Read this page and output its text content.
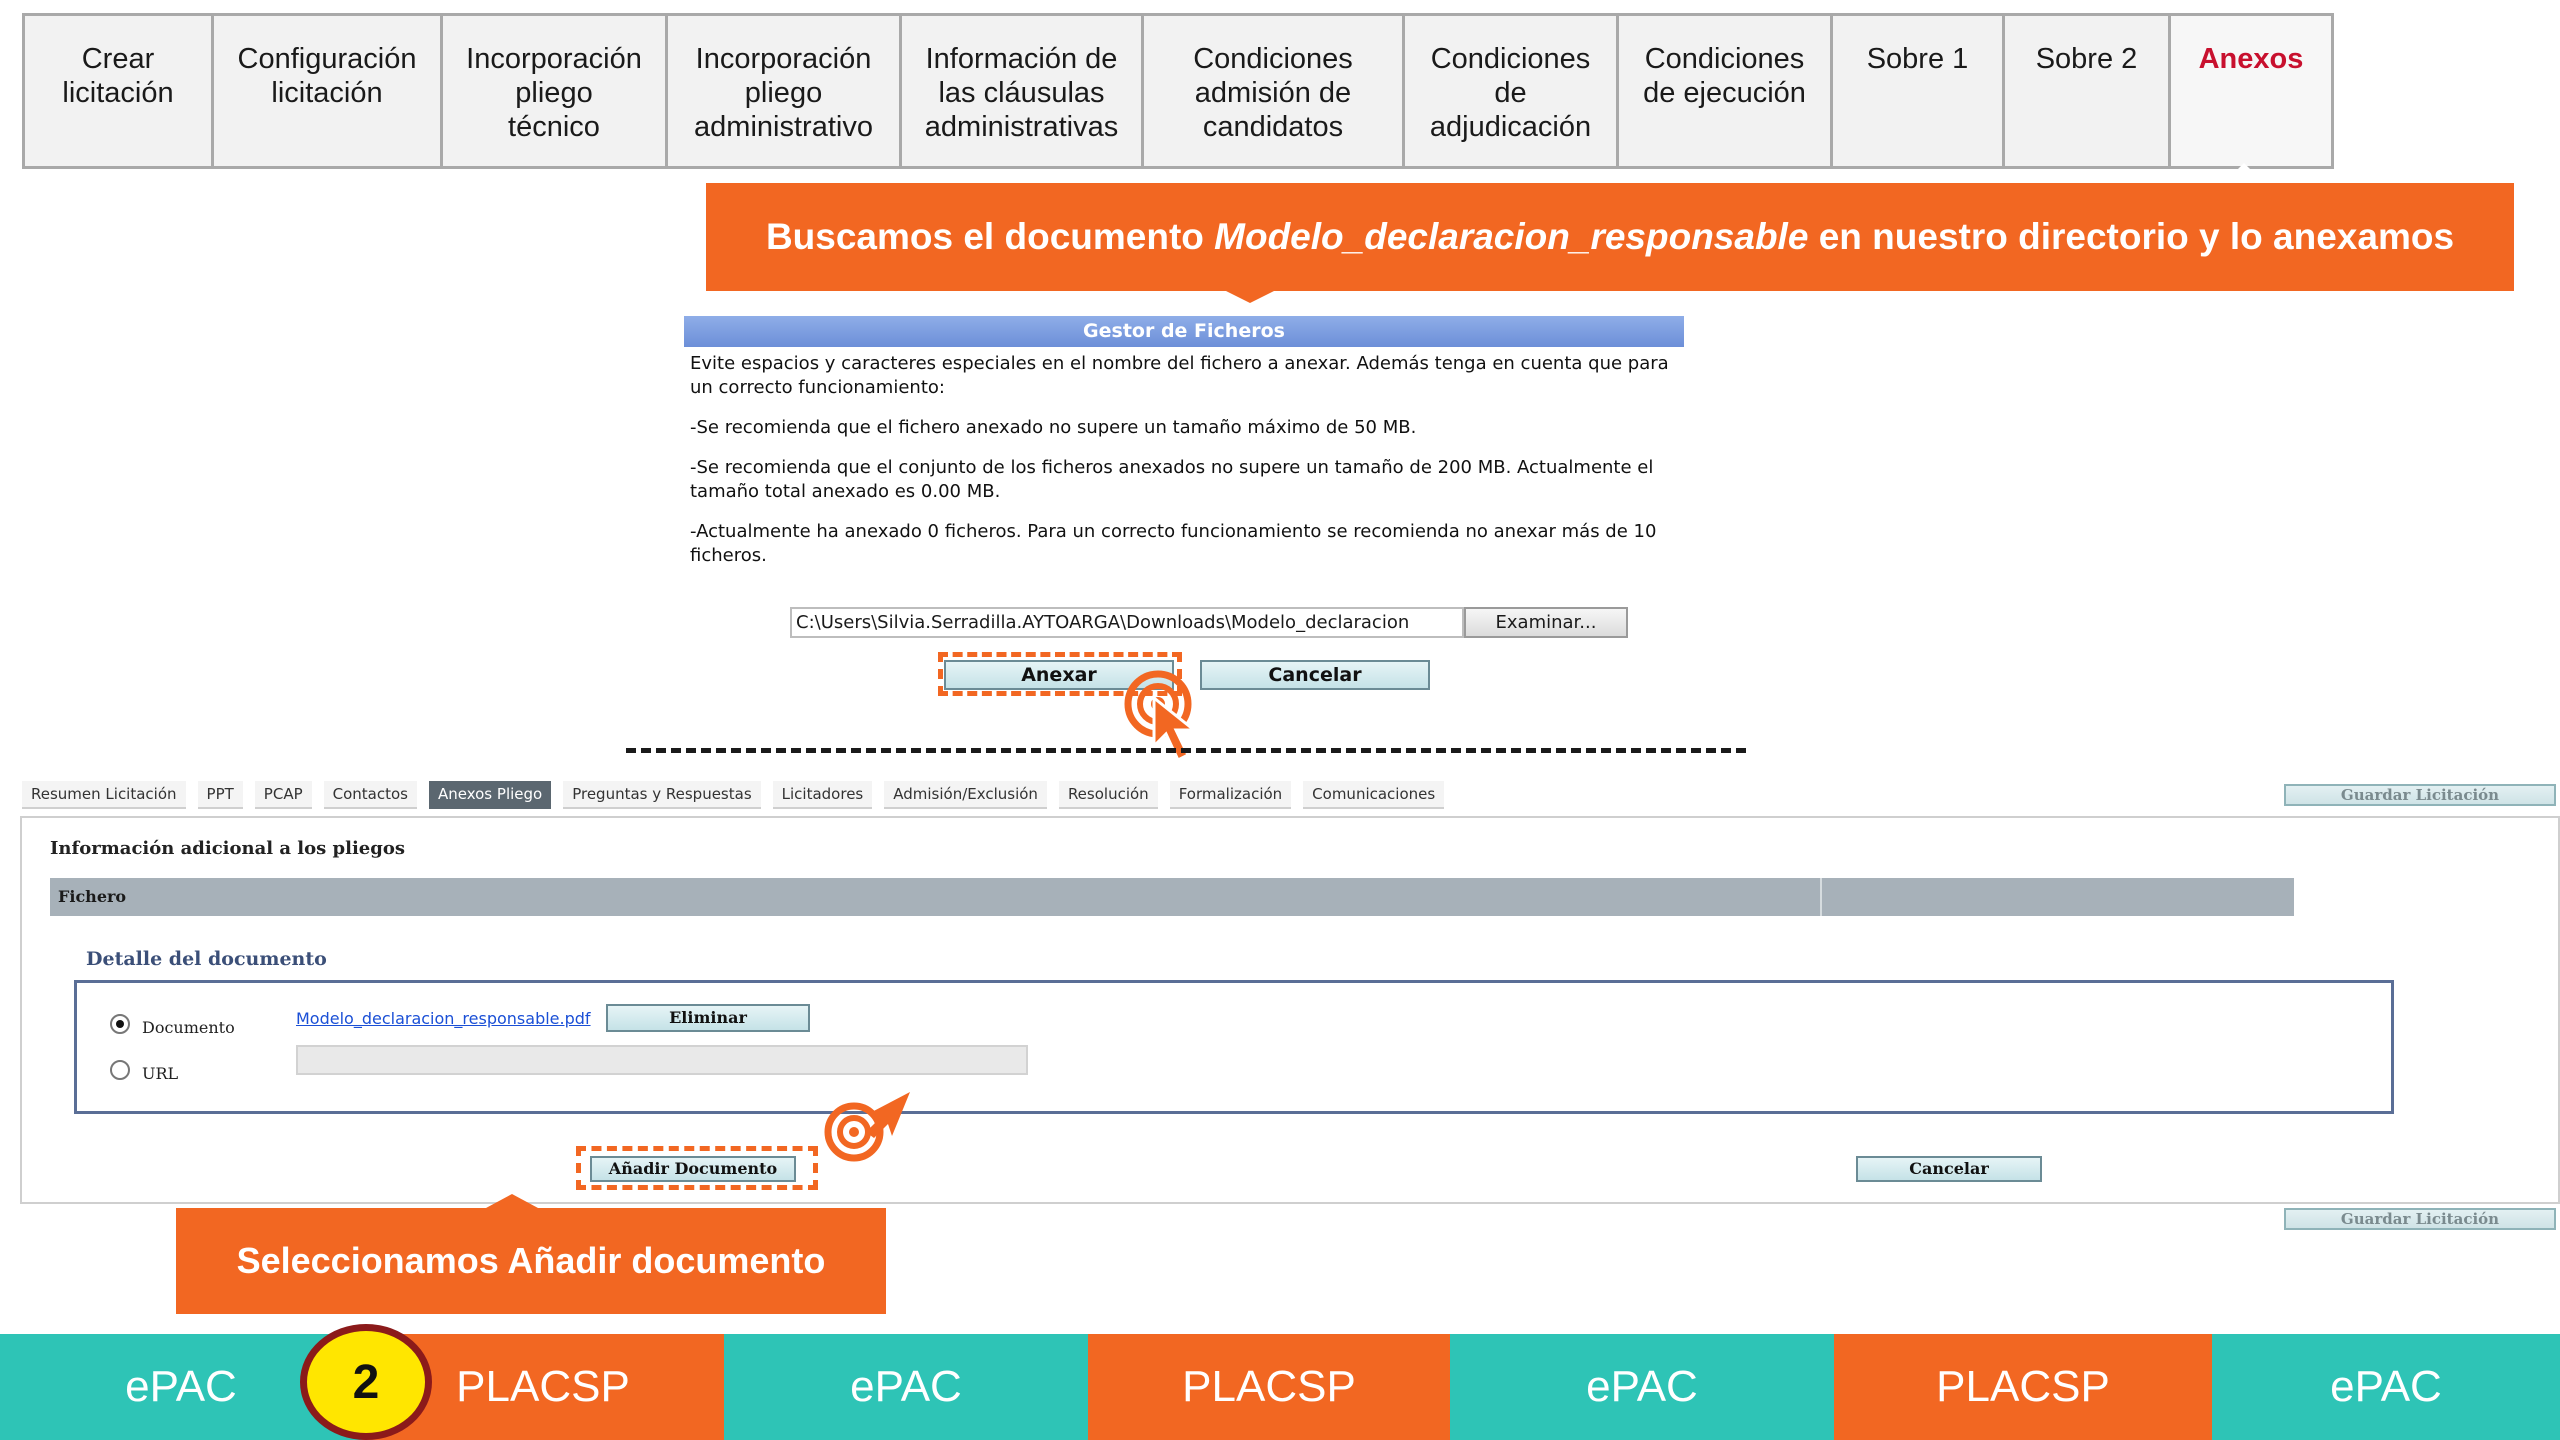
Crear
licitación
Configuración
licitación
Incorporación
pliego
técnico
Incorporación
pliego
administrativo
Información de
las cláusulas
administrativas
Condiciones
admisión de
candidatos
Condiciones
de
adjudicación
Condiciones
de ejecución
Sobre 1	Sobre 2	Anexos
Buscamos el documento Modelo_declaracion_responsable en nuestro directorio y lo anexamos
Gestor de Ficheros

Evite espacios y caracteres especiales en el nombre del fichero a anexar. Además tenga en cuenta que para un correcto funcionamiento:

-Se recomienda que el fichero anexado no supere un tamaño máximo de 50 MB.

-Se recomienda que el conjunto de los ficheros anexados no supere un tamaño de 200 MB. Actualmente el tamaño total anexado es 0.00 MB.

-Actualmente ha anexado 0 ficheros. Para un correcto funcionamiento se recomienda no anexar más de 10 ficheros.

C:\Users\Silvia.Serradilla.AYTOARGA\Downloads\Modelo_declaracion	Examinar...
Anexar	Cancelar
Resumen Licitación	PPT	PCAP	Contactos	Anexos Pliego	Preguntas y Respuestas	Licitadores	Admisión/Exclusión	Resolución	Formalización	Comunicaciones	Guardar Licitación
Información adicional a los pliegos
Fichero
Detalle del documento
Documento
URL
Modelo_declaracion_responsable.pdf	Eliminar
Añadir Documento	Cancelar
Guardar Licitación
Seleccionamos Añadir documento
ePAC	PLACSP	ePAC	PLACSP	ePAC	PLACSP	ePAC
2
